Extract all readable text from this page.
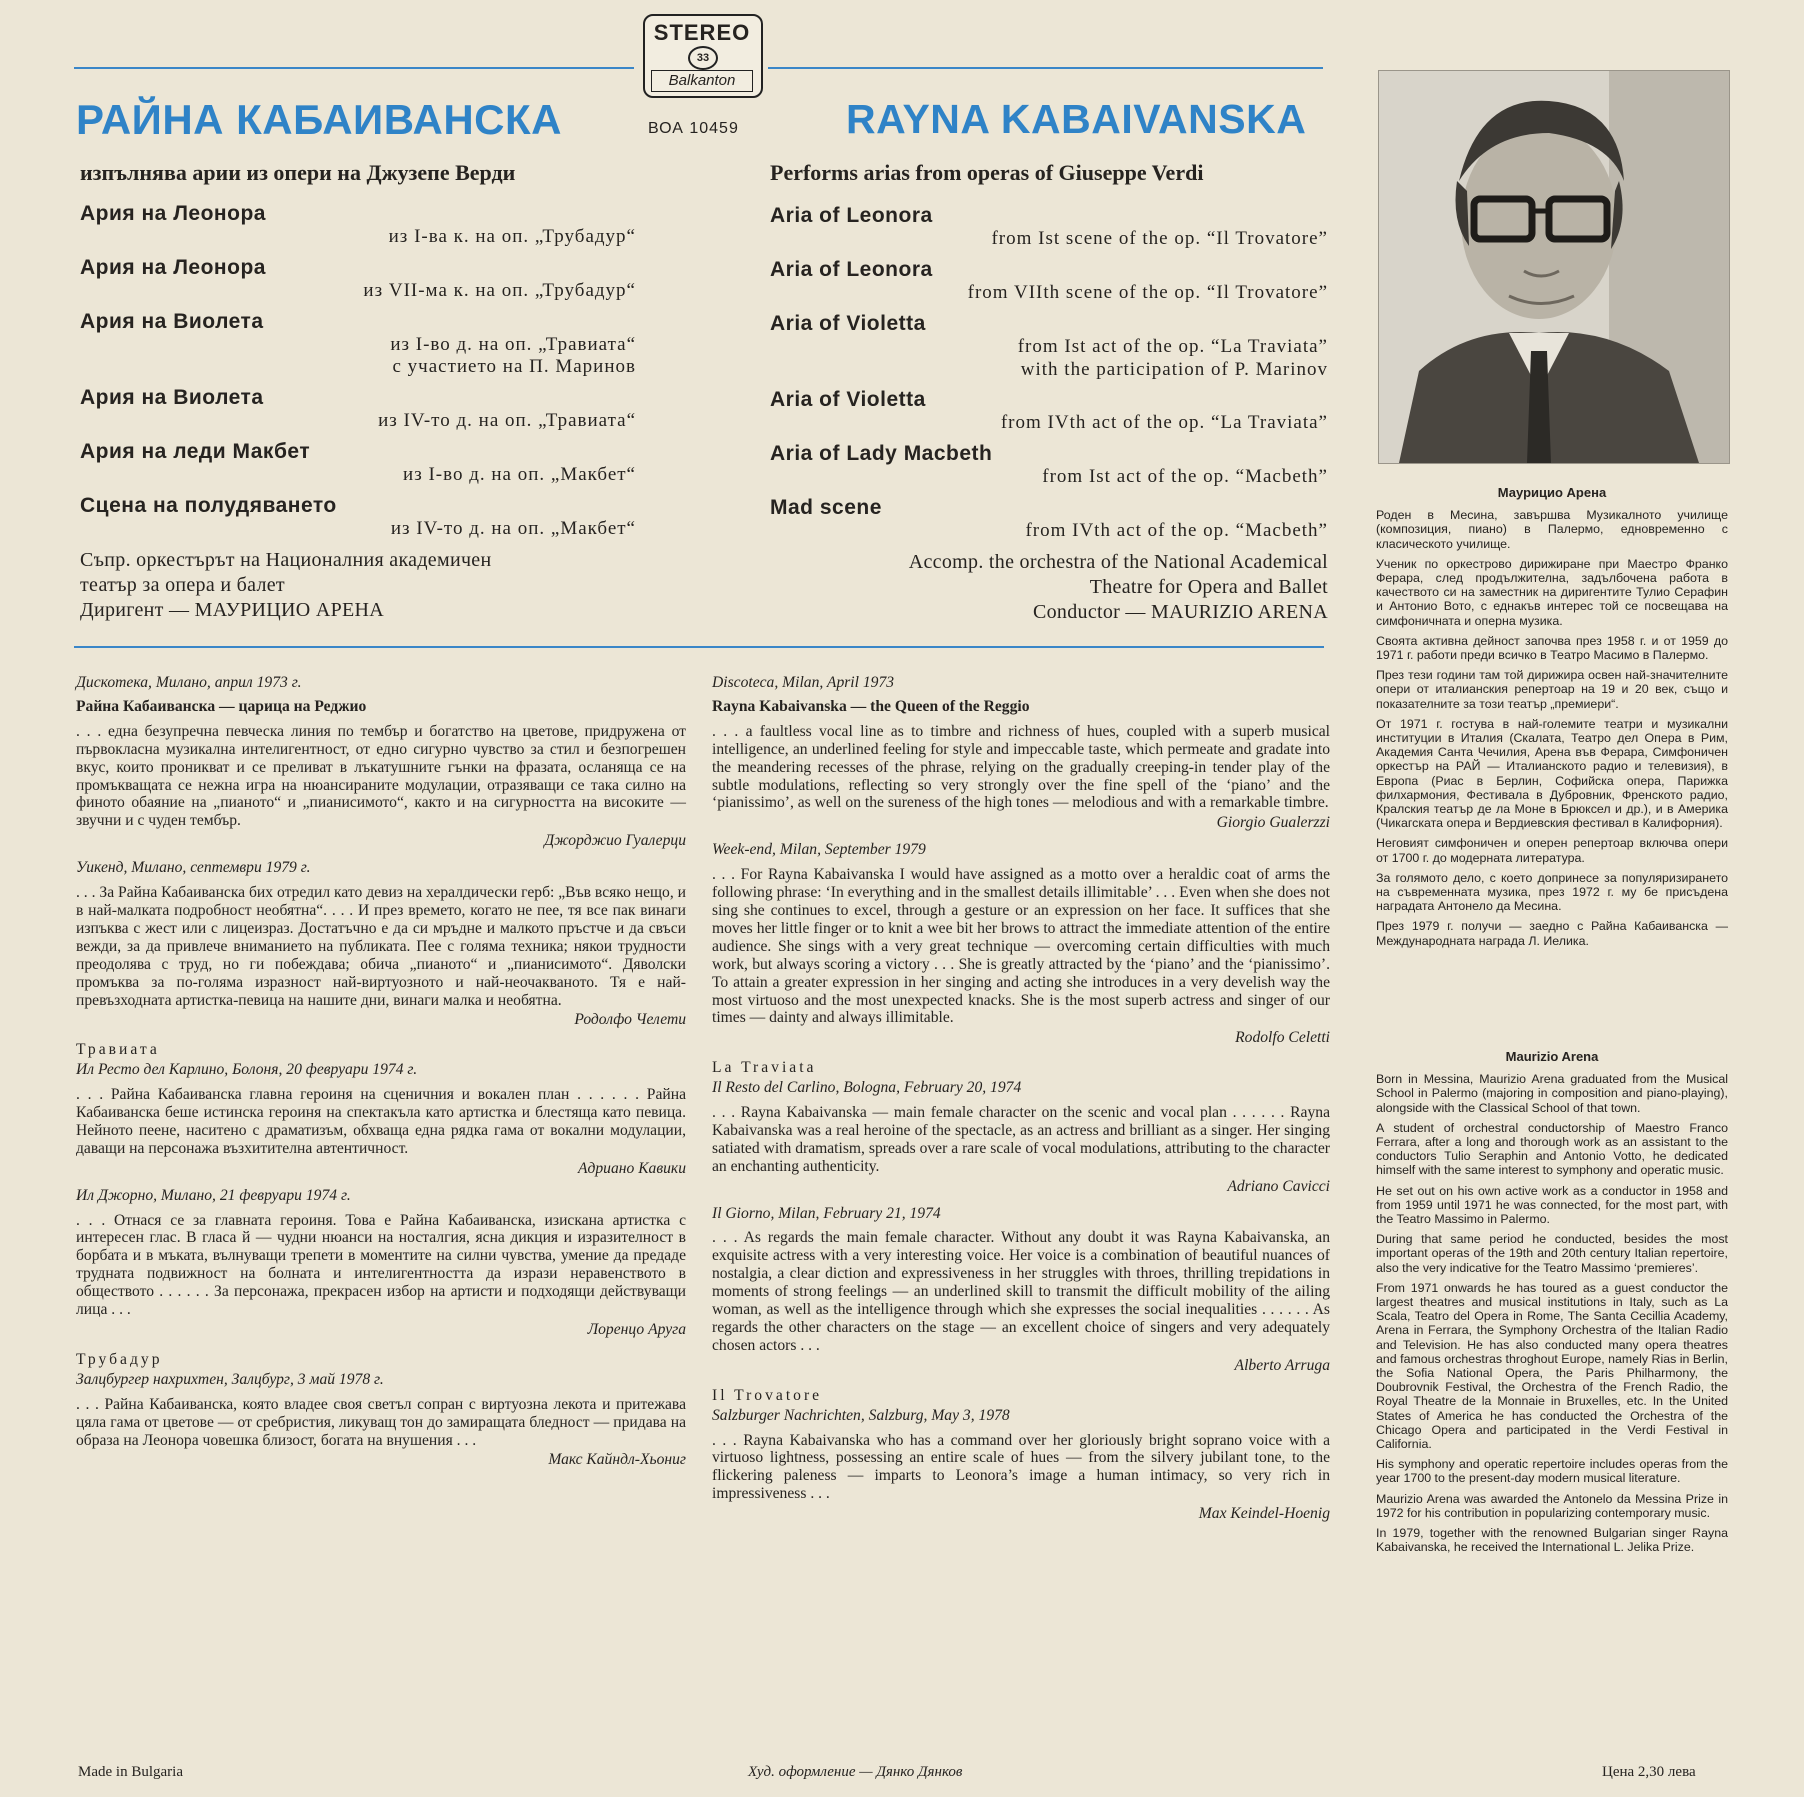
STEREO
33
Balkanton
РАЙНА КАБАИВАНСКА	ВОА 10459	RAYNA KABAIVANSKA
изпълнява арии из опери на Джузепе Верди	Performs arias from operas of Giuseppe Verdi
Ария на Леонора
из I-ва к. на оп. „Трубадур“
Ария на Леонора
из VII-ма к. на оп. „Трубадур“
Ария на Виолета
из I-во д. на оп. „Травиата“
с участието на П. Маринов
Ария на Виолета
из IV-то д. на оп. „Травиата“
Ария на леди Макбет
из I-во д. на оп. „Макбет“
Сцена на полудяването
из IV-то д. на оп. „Макбет“
Aria of Leonora
from Ist scene of the op. “Il Trovatore”
Aria of Leonora
from VIIth scene of the op. “Il Trovatore”
Aria of Violetta
from Ist act of the op. “La Traviata”
with the participation of P. Marinov
Aria of Violetta
from IVth act of the op. “La Traviata”
Aria of Lady Macbeth
from Ist act of the op. “Macbeth”
Mad scene
from IVth act of the op. “Macbeth”
Съпр. оркестърът на Националния академичен
театър за опера и балет
Диригент — МАУРИЦИО АРЕНА
Accomp. the orchestra of the National Academical
Theatre for Opera and Ballet
Conductor — MAURIZIO ARENA
Дискотека, Милано, април 1973 г.
Райна Кабаиванска — царица на Реджио
. . . една безупречна певческа линия по тембър и богатство на цветове, придружена от първокласна музикална интелигентност, от едно сигурно чувство за стил и безпогрешен вкус, които проникват и се преливат в лъкатушните гънки на фразата, осланяща се на промъкващата се нежна игра на нюансираните модулации, отразяващи се така силно на финото обаяние на „пианото“ и „пианисимото“, както и на сигурността на високите — звучни и с чуден тембър.
Джорджио Гуалерци
Уикенд, Милано, септември 1979 г.
. . . За Райна Кабаиванска бих отредил като девиз на хералдически герб: „Във всяко нещо, и в най-малката подробност необятна“. . . . И през времето, когато не пее, тя все пак винаги изпъква с жест или с лицеизраз. Достатъчно е да си мръдне и малкото пръстче и да свъси вежди, за да привлече вниманието на публиката. Пее с голяма техника; някои трудности преодолява с труд, но ги побеждава; обича „пианото“ и „пианисимото“. Дяволски промъква за по-голяма изразност най-виртуозното и най-неочакваното. Тя е най-превъзходната артистка-певица на нашите дни, винаги малка и необятна.
Родолфо Челети
Травиата
Ил Ресто дел Карлино, Болоня, 20 февруари 1974 г.
. . . Райна Кабаиванска главна героиня на сценичния и вокален план . . . . . . Райна Кабаиванска беше истинска героиня на спектакъла като артистка и блестяща като певица. Нейното пеене, наситено с драматизъм, обхваща една рядка гама от вокални модулации, даващи на персонажа възхитителна автентичност.
Адриано Кавики
Ил Джорно, Милано, 21 февруари 1974 г.
. . . Отнася се за главната героиня. Това е Райна Кабаиванска, изискана артистка с интересен глас. В гласа й — чудни нюанси на носталгия, ясна дикция и изразителност в борбата и в мъката, вълнуващи трепети в моментите на силни чувства, умение да предаде трудната подвижност на болната и интелигентността да изрази неравенството в обществото . . . . . . За персонажа, прекрасен избор на артисти и подходящи действуващи лица . . .
Лоренцо Аруга
Трубадур
Залцбургер нахрихтен, Залцбург, 3 май 1978 г.
. . . Райна Кабаиванска, която владее своя светъл сопран с виртуозна лекота и притежава цяла гама от цветове — от сребристия, ликуващ тон до замиращата бледност — придава на образа на Леонора човешка близост, богата на внушения . . .
Макс Кайндл-Хьониг
Discoteca, Milan, April 1973
Rayna Kabaivanska — the Queen of the Reggio
. . . a faultless vocal line as to timbre and richness of hues, coupled with a superb musical intelligence, an underlined feeling for style and impeccable taste, which permeate and gradate into the meandering recesses of the phrase, relying on the gradually creeping-in tender play of the subtle modulations, reflecting so very strongly over the fine spell of the ‘piano’ and the ‘pianissimo’, as well on the sureness of the high tones — melodious and with a remarkable timbre.
Giorgio Gualerzzi
Week-end, Milan, September 1979
. . . For Rayna Kabaivanska I would have assigned as a motto over a heraldic coat of arms the following phrase: ‘In everything and in the smallest details illimitable’ . . . Even when she does not sing she continues to excel, through a gesture or an expression on her face. It suffices that she moves her little finger or to knit a wee bit her brows to attract the immediate attention of the entire audience. She sings with a very great technique — overcoming certain difficulties with much work, but always scoring a victory . . . She is greatly attracted by the ‘piano’ and the ‘pianissimo’. To attain a greater expression in her singing and acting she introduces in a very develish way the most virtuoso and the most unexpected knacks. She is the most superb actress and singer of our times — dainty and always illimitable.
Rodolfo Celetti
La Traviata
Il Resto del Carlino, Bologna, February 20, 1974
. . . Rayna Kabaivanska — main female character on the scenic and vocal plan . . . . . . Rayna Kabaivanska was a real heroine of the spectacle, as an actress and brilliant as a singer. Her singing satiated with dramatism, spreads over a rare scale of vocal modulations, attributing to the character an enchanting authenticity.
Adriano Cavicci
Il Giorno, Milan, February 21, 1974
. . . As regards the main female character. Without any doubt it was Rayna Kabaivanska, an exquisite actress with a very interesting voice. Her voice is a combination of beautiful nuances of nostalgia, a clear diction and expressiveness in her struggles with throes, thrilling trepidations in moments of strong feelings — an underlined skill to transmit the difficult mobility of the ailing woman, as well as the intelligence through which she expresses the social inequalities . . . . . . As regards the other characters on the stage — an excellent choice of singers and very adequately chosen actors . . .
Alberto Arruga
Il Trovatore
Salzburger Nachrichten, Salzburg, May 3, 1978
. . . Rayna Kabaivanska who has a command over her gloriously bright soprano voice with a virtuoso lightness, possessing an entire scale of hues — from the silvery jubilant tone, to the flickering paleness — imparts to Leonora’s image a human intimacy, so very rich in impressiveness . . .
Max Keindel-Hoenig
Маурицио Арена
Роден в Месина, завършва Музикалното училище (композиция, пиано) в Палермо, едновременно с класическото училище.
Ученик по оркестрово дирижиране при Маестро Франко Ферара, след продължителна, задълбочена работа в качеството си на заместник на диригентите Тулио Серафин и Антонио Вото, с еднакъв интерес той се посвещава на симфоничната и оперна музика.
Своята активна дейност започва през 1958 г. и от 1959 до 1971 г. работи преди всичко в Театро Масимо в Палермо.
През тези години там той дирижира освен най-значителните опери от италианския репертоар на 19 и 20 век, също и показателните за този театър „премиери“.
От 1971 г. гостува в най-големите театри и музикални институции в Италия (Скалата, Театро дел Опера в Рим, Академия Санта Чечилия, Арена във Ферара, Симфоничен оркестър на РАЙ — Италианското радио и телевизия), в Европа (Риас в Берлин, Софийска опера, Парижка филхармония, Фестивала в Дубровник, Френското радио, Кралския театър де ла Моне в Брюксел и др.), и в Америка (Чикагската опера и Вердиевския фестивал в Калифорния).
Неговият симфоничен и оперен репертоар включва опери от 1700 г. до модерната литература.
За голямото дело, с което допринесе за популяризирането на съвременната музика, през 1972 г. му бе присъдена наградата Антонело да Месина.
През 1979 г. получи — заедно с Райна Кабаиванска — Международната награда Л. Иелика.
Maurizio Arena
Born in Messina, Maurizio Arena graduated from the Musical School in Palermo (majoring in composition and piano-playing), alongside with the Classical School of that town.
A student of orchestral conductorship of Maestro Franco Ferrara, after a long and thorough work as an assistant to the conductors Tulio Seraphin and Antonio Votto, he dedicated himself with the same interest to symphony and operatic music.
He set out on his own active work as a conductor in 1958 and from 1959 until 1971 he was connected, for the most part, with the Teatro Massimo in Palermo.
During that same period he conducted, besides the most important operas of the 19th and 20th century Italian repertoire, also the very indicative for the Teatro Massimo ‘premieres’.
From 1971 onwards he has toured as a guest conductor the largest theatres and musical institutions in Italy, such as La Scala, Teatro del Opera in Rome, The Santa Cecillia Academy, Arena in Ferrara, the Symphony Orchestra of the Italian Radio and Television. He has also conducted many opera theatres and famous orchestras throghout Europe, namely Rias in Berlin, the Sofia National Opera, the Paris Philharmony, the Doubrovnik Festival, the Orchestra of the French Radio, the Royal Theatre de la Monnaie in Bruxelles, etc. In the United States of America he has conducted the Orchestra of the Chicago Opera and participated in the Verdi Festival in California.
His symphony and operatic repertoire includes operas from the year 1700 to the present-day modern musical literature.
Maurizio Arena was awarded the Antonelo da Messina Prize in 1972 for his contribution in popularizing contemporary music.
In 1979, together with the renowned Bulgarian singer Rayna Kabaivanska, he received the International L. Jelika Prize.
Made in Bulgaria	Худ. оформление — Дянко Дянков	Цена 2,30 лева
